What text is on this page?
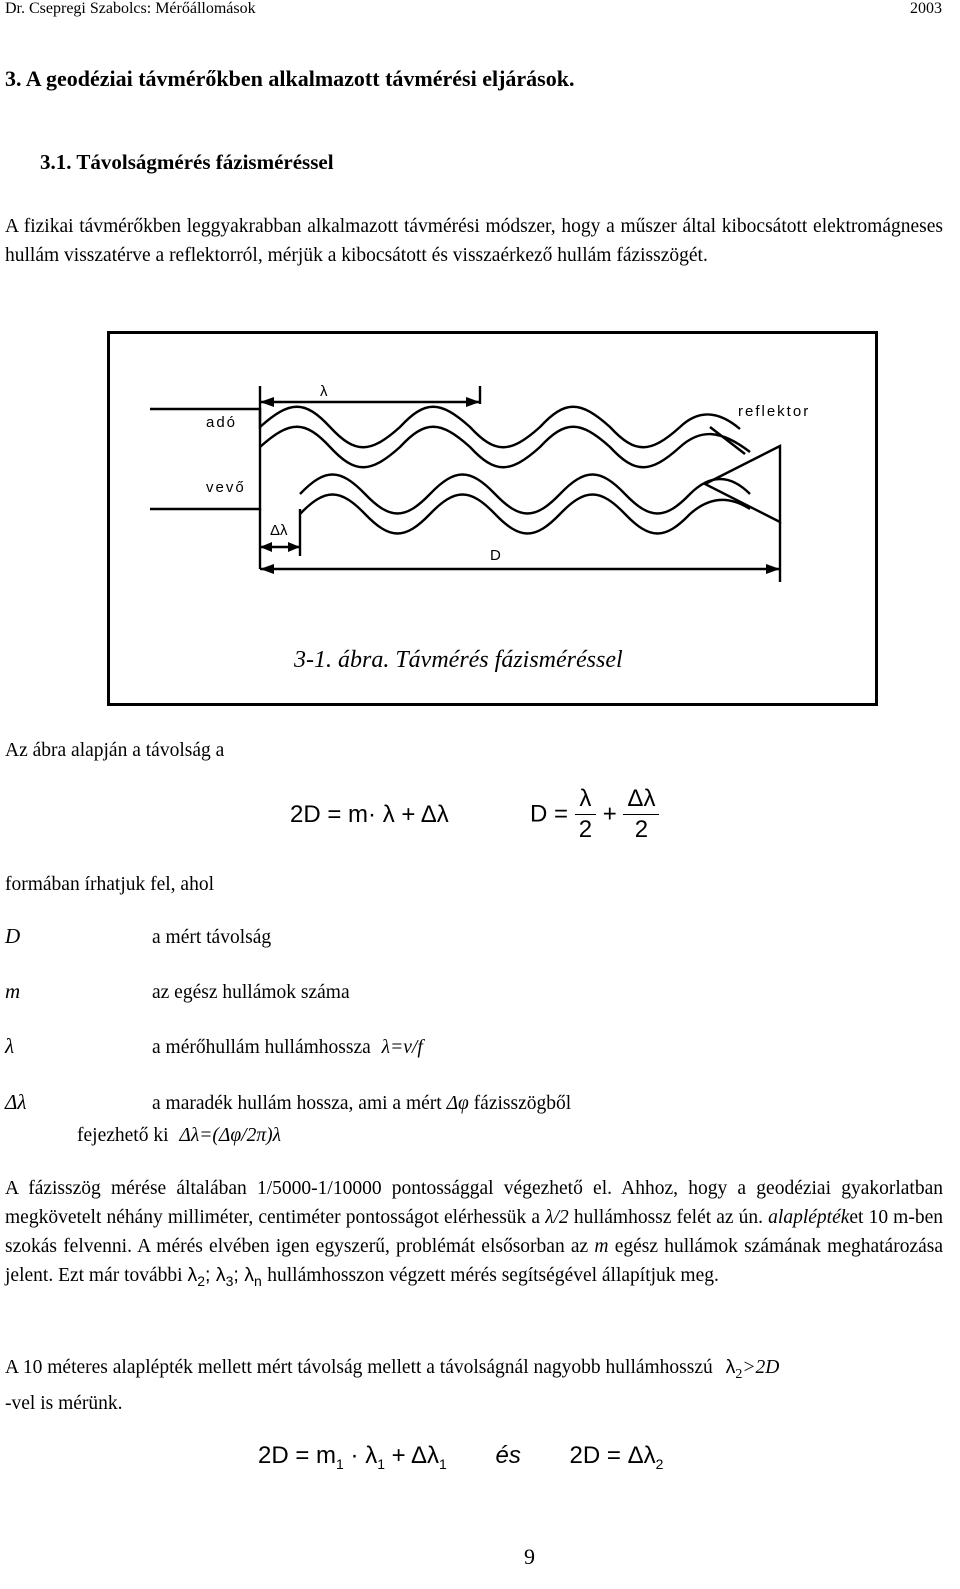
Dr. Csepregi Szabolcs: Mérőállomások	2003
3. A geodéziai távmérőkben alkalmazott távmérési eljárások.
3.1. Távolságmérés fázisméréssel
A fizikai távmérőkben leggyakrabban alkalmazott távmérési módszer, hogy a műszer által kibocsátott elektromágneses hullám visszatérve a reflektorról, mérjük a kibocsátott és visszaérkező hullám fázisszögét.
λ
reflektor
adó
vevő
Δλ
D
3-1. ábra. Távmérés fázisméréssel
Az ábra alapján a távolság a
2D = m· λ + Δλ	$D = \frac{\lambda}{2} + \frac{\Delta\lambda}{2}$
formában írhatjuk fel, ahol
D	a mért távolság
m	az egész hullámok száma
λ	a mérőhullám hullámhossza λ=v/f
Δλ	a maradék hullám hossza, ami a mért Δφ fázisszögből
fejezhető ki Δλ=(Δφ/2π)λ
A fázisszög mérése általában 1/5000-1/10000 pontossággal végezhető el. Ahhoz, hogy a geodéziai gyakorlatban megkövetelt néhány milliméter, centiméter pontosságot elérhessük a λ/2 hullámhossz felét az ún. alapléptéket 10 m-ben szokás felvenni. A mérés elvében igen egyszerű, problémát elsősorban az m egész hullámok számának meghatározása jelent. Ezt már további $\lambda_2$; $\lambda_3$; $\lambda_n$ hullámhosszon végzett mérés segítségével állapítjuk meg.
A 10 méteres alaplépték mellett mért távolság mellett a távolságnál nagyobb hullámhosszú $\lambda_2>2D$
-vel is mérünk.
$2D = m_1 \cdot \lambda_1 + \Delta\lambda_1$ és $2D = \Delta\lambda_2$
9
